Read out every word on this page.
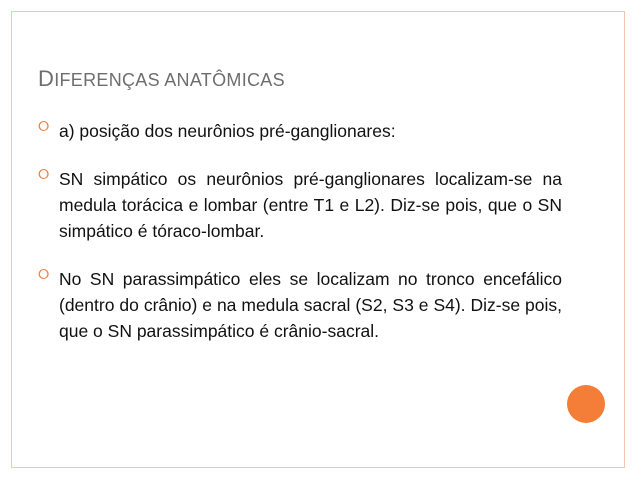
DIFERENÇAS ANATÔMICAS
⭘ a) posição dos neurônios pré-ganglionares:
⭘ SN simpático os neurônios pré-ganglionares localizam-se na medula torácica e lombar (entre T1 e L2). Diz-se pois, que o SN simpático é tóraco-lombar.
⭘ No SN parassimpático eles se localizam no tronco encefálico (dentro do crânio) e na medula sacral (S2, S3 e S4). Diz-se pois, que o SN parassimpático é crânio-sacral.
